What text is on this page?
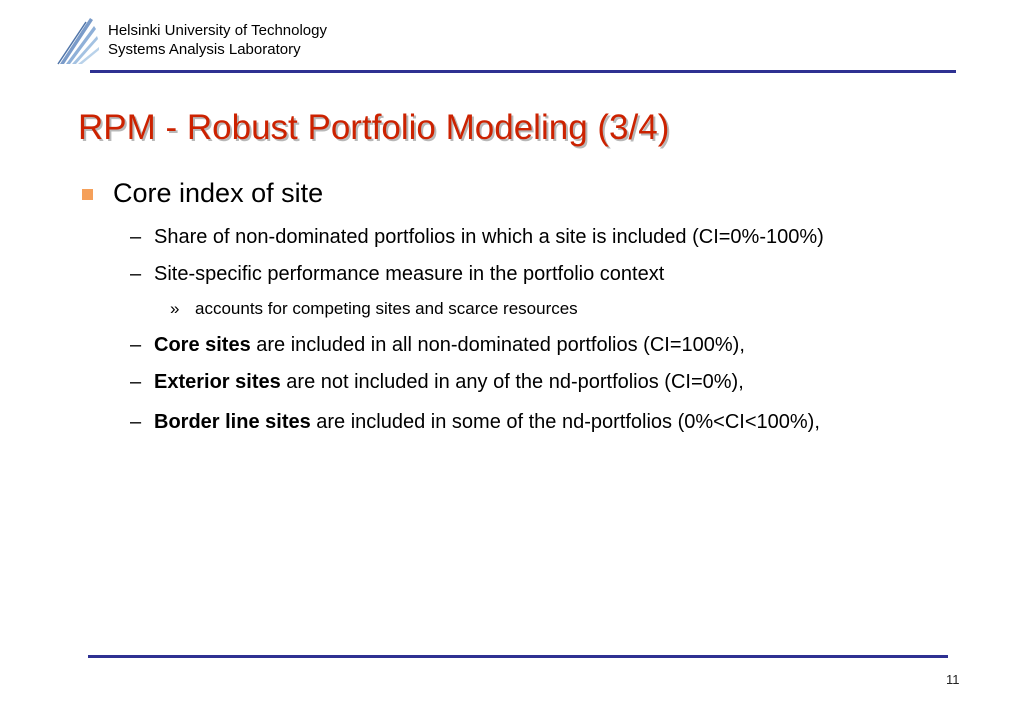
Helsinki University of Technology
Systems Analysis Laboratory
RPM - Robust Portfolio Modeling (3/4)
Core index of site
– Share of non-dominated portfolios in which a site is included (CI=0%-100%)
– Site-specific performance measure in the portfolio context
» accounts for competing sites and scarce resources
– Core sites are included in all non-dominated portfolios (CI=100%),
– Exterior sites are not included in any of the nd-portfolios (CI=0%),
– Border line sites are included in some of the nd-portfolios (0%<CI<100%),
11
